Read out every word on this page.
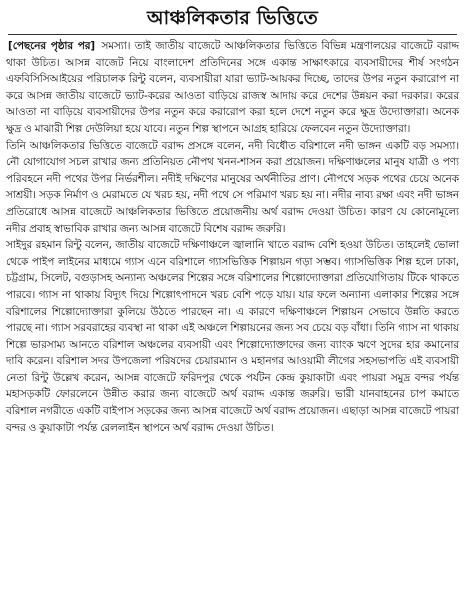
আঞ্চলিকতার ভিত্তিতে

[পেছনের পৃষ্ঠার পর] সমস্যা। তাই জাতীয় বাজেটে আঞ্চলিকতার ভিত্তিতে বিভিন্ন মন্ত্রণালয়ের বাজেটে বরাদ্দ থাকা উচিত। আসন্ন বাজেট নিয়ে বাংলাদেশ প্রতিদিনের সঙ্গে একান্ত সাক্ষাৎকারে ব্যবসায়ীদের শীর্ষ সংগঠন এফবিসিসিআইয়ের পরিচালক রিন্টু বলেন, ব্যবসায়ীরা যারা ভ্যাট-আয়কর দিচ্ছে, তাদের উপর নতুন করারোপ না করে আসন্ন জাতীয় বাজেটে ভ্যাট-করের আওতা বাড়িয়ে রাজস্ব আদায় করে দেশের উন্নয়ন করা দরকার। করের আওতা না বাড়িয়ে ব্যবসায়ীদের উপর নতুন করে করারোপ করা হলে দেশে নতুন করে ক্ষুদ্র উদ্যোক্তারা। অনেক ক্ষুদ্র ও মাঝারী শিল্প দেউলিয়া হয়ে যাবে। নতুন শিল্প স্থাপনে আগ্রহ হারিয়ে ফেলবেন নতুন উদ্যোক্তারা।

তিনি আঞ্চলিকতার ভিত্তিতে বাজেটে বরাদ্দ প্রসঙ্গে বলেন, নদী বিধৌত বরিশালে নদী ভাঙ্গন একটি বড় সমস্যা। নৌ যোগাযোগ সচল রাখার জন্য প্রতিনিয়ত নৌপথ খনন-শাসন করা প্রয়োজন। দক্ষিণাঞ্চলের মানুষ যাত্রী ও পণ্য পরিবহনে নদী পথের উপর নির্ভরশীল। নদীই দক্ষিণের মানুষের অর্থনীতির প্রাণ। নৌপথে সড়ক পথের চেয়ে অনেক সাশ্রয়ী। সড়ক নির্মাণ ও মেরামতে যে খরচ হয়, নদী পথে সে পরিমাণ খরচ হয় না। নদীর নাব্য রক্ষা এবং নদী ভাঙ্গন প্রতিরোধে আসন্ন বাজেটে আঞ্চলিকতার ভিত্তিতে প্রয়োজনীয় অর্থ বরাদ্দ দেওয়া উচিত। কারণ যে কোনোমূল্যে নদীর প্রবাহ স্বাভাবিক রাখার জন্য আসন্ন বাজেটে বিশেষ বরাদ্দ জরুরি।

সাইদুর রহমান রিন্টু বলেন, জাতীয় বাজেটে দক্ষিণাঞ্চলে জ্বালানি খাতে বরাদ্দ বেশি হওয়া উচিত। তাহলেই ভোলা থেকে পাইপ লাইনের মাধ্যমে গ্যাস এনে বরিশালে গ্যাসভিত্তিক শিল্পায়ন গড়া সম্ভব। গ্যাসভিত্তিক শিল্প হলে ঢাকা, চট্টগ্রাম, সিলেট, বগুড়াসহ অন্যান্য অঞ্চলের শিল্পের সঙ্গে বরিশালের শিল্পোদ্যোক্তারা প্রতিযোগিতায় টিকে থাকতে পারবে। গ্যাস না থাকায় বিদ্যুৎ দিয়ে শিল্পোৎপাদনে খরচ বেশি পড়ে যায়। যার ফলে অন্যান্য এলাকার শিল্পের সঙ্গে বরিশালের শিল্পোদ্যোক্তারা কুলিয়ে উঠতে পারছেন না। এ কারণে দক্ষিণাঞ্চলে শিল্পায়ন সেভাবে উন্নতি করতে পারছে না। গ্যাস সরবরাহের ব্যবস্থা না থাকা এই অঞ্চলে শিল্পায়নের জন্য সব চেয়ে বড় বাঁধা। তিনি গ্যাস না থাকায় শিল্পে ভারসাম্য আনতে বরিশাল অঞ্চলের ব্যবসায়ী এবং শিল্পোদ্যোক্তাদের জন্য ব্যাংক ঋণে সুদের হার কমানোর দাবি করেন। বরিশাল সদর উপজেলা পরিষদের চেয়ারম্যান ও মহানগর আওয়ামী লীগের সহসভাপতি এই ব্যবসায়ী নেতা রিন্টু উল্লেখ করেন, আসন্ন বাজেটে ফরিদপুর থেকে পর্যটন কেন্দ্র কুয়াকাটা এবং পায়রা সমুদ্র বন্দর পর্যন্ত মহাসড়কটি ফোরলেনে উন্নীত করার জন্য বাজেটে অর্থ বরাদ্দ একান্ত জরুরি। ভারী যানবাহনের চাপ কমাতে বরিশাল নগরীতে একটি বাইপাস সড়কের জন্য আসন্ন বাজেটে অর্থ বরাদ্দ প্রয়োজন। এছাড়া আসন্ন বাজেটে পায়রা বন্দর ও কুয়াকাটা পর্যন্ত রেললাইন স্থাপনে অর্থ বরাদ্দ দেওয়া উচিত।
